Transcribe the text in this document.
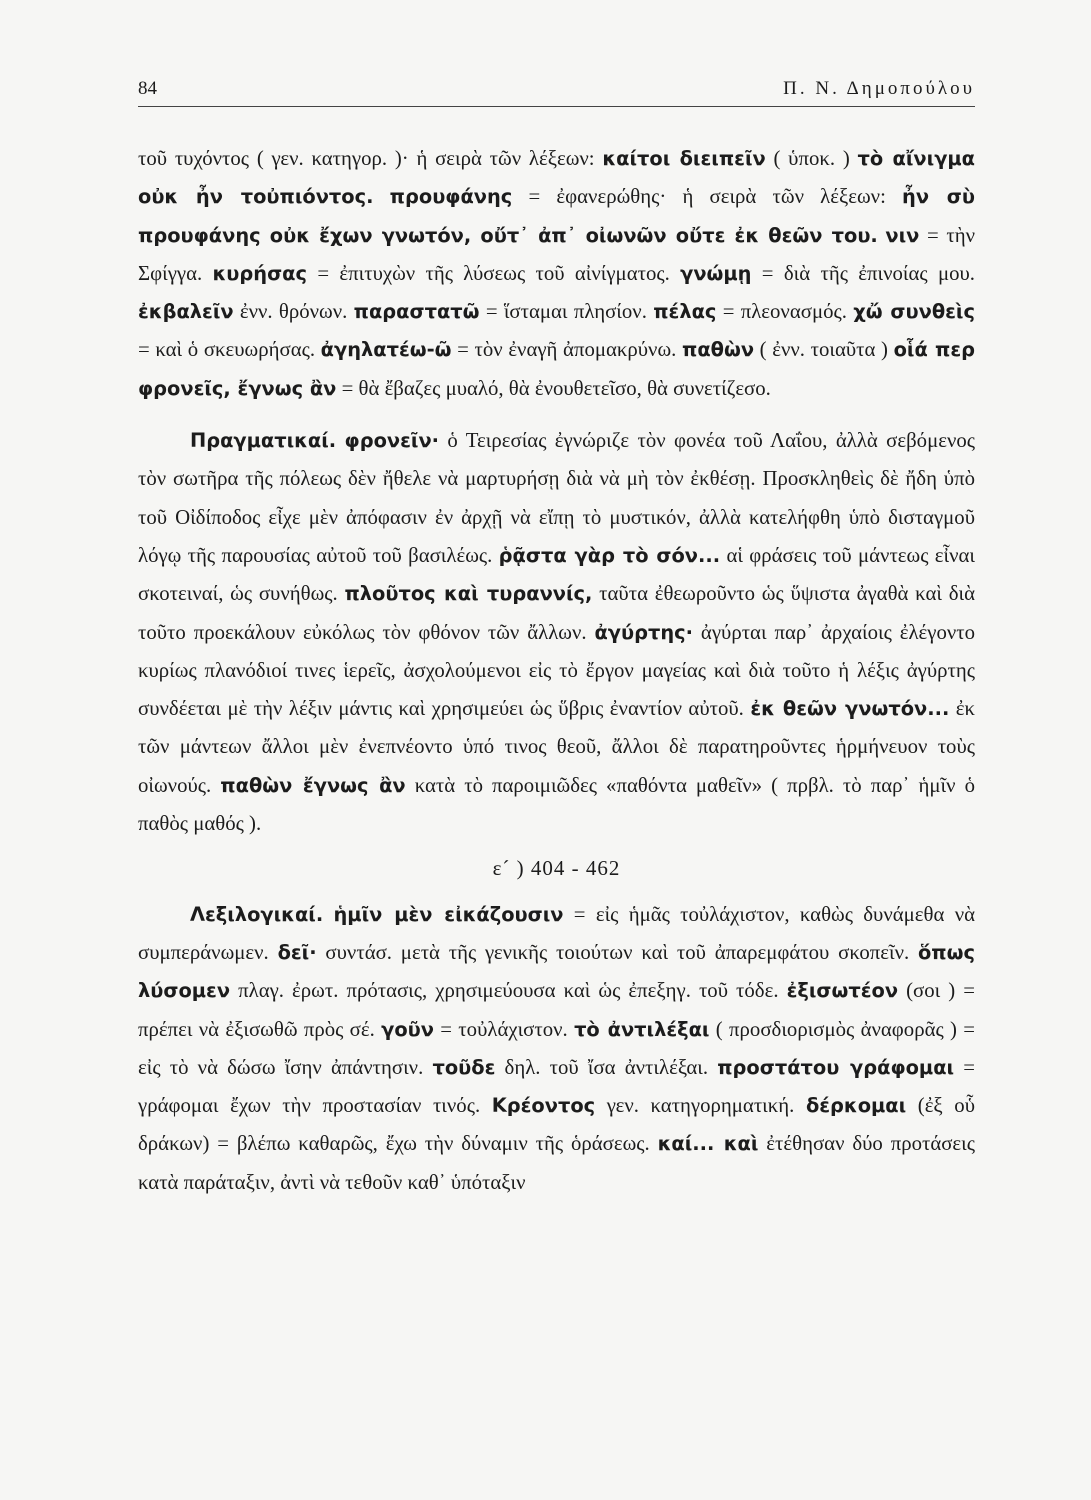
84	Π. Ν. Δημοπούλου

τοῦ τυχόντος ( γεν. κατηγορ. )· ἡ σειρὰ τῶν λέξεων: καίτοι διειπεῖν ( ὑποκ. ) τὸ αἴνιγμα οὐκ ἦν τοὐπιόντος. προυφάνης = ἐφανερώθης· ἡ σειρὰ τῶν λέξεων: ἦν σὺ προυφάνης οὐκ ἔχων γνωτόν, οὔτ᾿ ἀπ᾿ οἰωνῶν οὔτε ἐκ θεῶν του. νιν = τὴν Σφίγγα. κυρήσας = ἐπιτυχὼν τῆς λύσεως τοῦ αἰνίγματος. γνώμῃ = διὰ τῆς ἐπινοίας μου. ἐκβαλεῖν ἐνν. θρόνων. παραστατῶ = ἵσταμαι πλησίον. πέλας = πλεονασμός. χὤ συνθεὶς = καὶ ὁ σκευωρήσας. ἀγηλατέω-ῶ = τὸν ἐναγῆ ἀπομακρύνω. παθὼν ( ἐνν. τοιαῦτα ) οἷά περ φρονεῖς, ἔγνως ἂν = θὰ ἔβαζες μυαλό, θὰ ἐνουθετεῖσο, θὰ συνετίζεσο.

Πραγματικαί. φρονεῖν· ὁ Τειρεσίας ἐγνώριζε τὸν φονέα τοῦ Λαΐου, ἀλλὰ σεβόμενος τὸν σωτῆρα τῆς πόλεως δὲν ἤθελε νὰ μαρτυρήσῃ διὰ νὰ μὴ τὸν ἐκθέσῃ. Προσκληθεὶς δὲ ἤδη ὑπὸ τοῦ Οἰδίποδος εἶχε μὲν ἀπόφασιν ἐν ἀρχῇ νὰ εἴπῃ τὸ μυστικόν, ἀλλὰ κατελήφθη ὑπὸ δισταγμοῦ λόγῳ τῆς παρουσίας αὐτοῦ τοῦ βασιλέως. ῥᾷστα γὰρ τὸ σόν... αἱ φράσεις τοῦ μάντεως εἶναι σκοτειναί, ὡς συνήθως. πλοῦτος καὶ τυραννίς, ταῦτα ἐθεωροῦντο ὡς ὕψιστα ἀγαθὰ καὶ διὰ τοῦτο προεκάλουν εὐκόλως τὸν φθόνον τῶν ἄλλων. ἀγύρτης· ἀγύρται παρ᾿ ἀρχαίοις ἐλέγοντο κυρίως πλανόδιοί τινες ἱερεῖς, ἀσχολούμενοι εἰς τὸ ἔργον μαγείας καὶ διὰ τοῦτο ἡ λέξις ἀγύρτης συνδέεται μὲ τὴν λέξιν μάντις καὶ χρησιμεύει ὡς ὕβρις ἐναντίον αὐτοῦ. ἐκ θεῶν γνωτόν... ἐκ τῶν μάντεων ἄλλοι μὲν ἐνεπνέοντο ὑπό τινος θεοῦ, ἄλλοι δὲ παρατηροῦντες ἡρμήνευον τοὺς οἰωνούς. παθὼν ἔγνως ἂν κατὰ τὸ παροιμιῶδες «παθόντα μαθεῖν» ( πρβλ. τὸ παρ᾿ ἡμῖν ὁ παθὸς μαθός ).

ε´ ) 404 - 462

Λεξιλογικαί. ἡμῖν μὲν εἰκάζουσιν = εἰς ἡμᾶς τοὐλάχιστον, καθὼς δυνάμεθα νὰ συμπεράνωμεν. δεῖ· συντάσ. μετὰ τῆς γενικῆς τοιούτων καὶ τοῦ ἀπαρεμφάτου σκοπεῖν. ὅπως λύσομεν πλαγ. ἐρωτ. πρότασις, χρησιμεύουσα καὶ ὡς ἐπεξηγ. τοῦ τόδε. ἐξισωτέον (σοι ) = πρέπει νὰ ἐξισωθῶ πρὸς σέ. γοῦν = τοὐλάχιστον. τὸ ἀντιλέξαι ( προσδιορισμὸς ἀναφορᾶς ) = εἰς τὸ νὰ δώσω ἴσην ἀπάντησιν. τοῦδε δηλ. τοῦ ἴσα ἀντιλέξαι. προστάτου γράφομαι = γράφομαι ἔχων τὴν προστασίαν τινός. Κρέοντος γεν. κατηγορηματική. δέρκομαι (ἐξ οὗ δράκων) = βλέπω καθαρῶς, ἔχω τὴν δύναμιν τῆς ὁράσεως. καί... καὶ ἐτέθησαν δύο προτάσεις κατὰ παράταξιν, ἀντὶ νὰ τεθοῦν καθ᾿ ὑπόταξιν
